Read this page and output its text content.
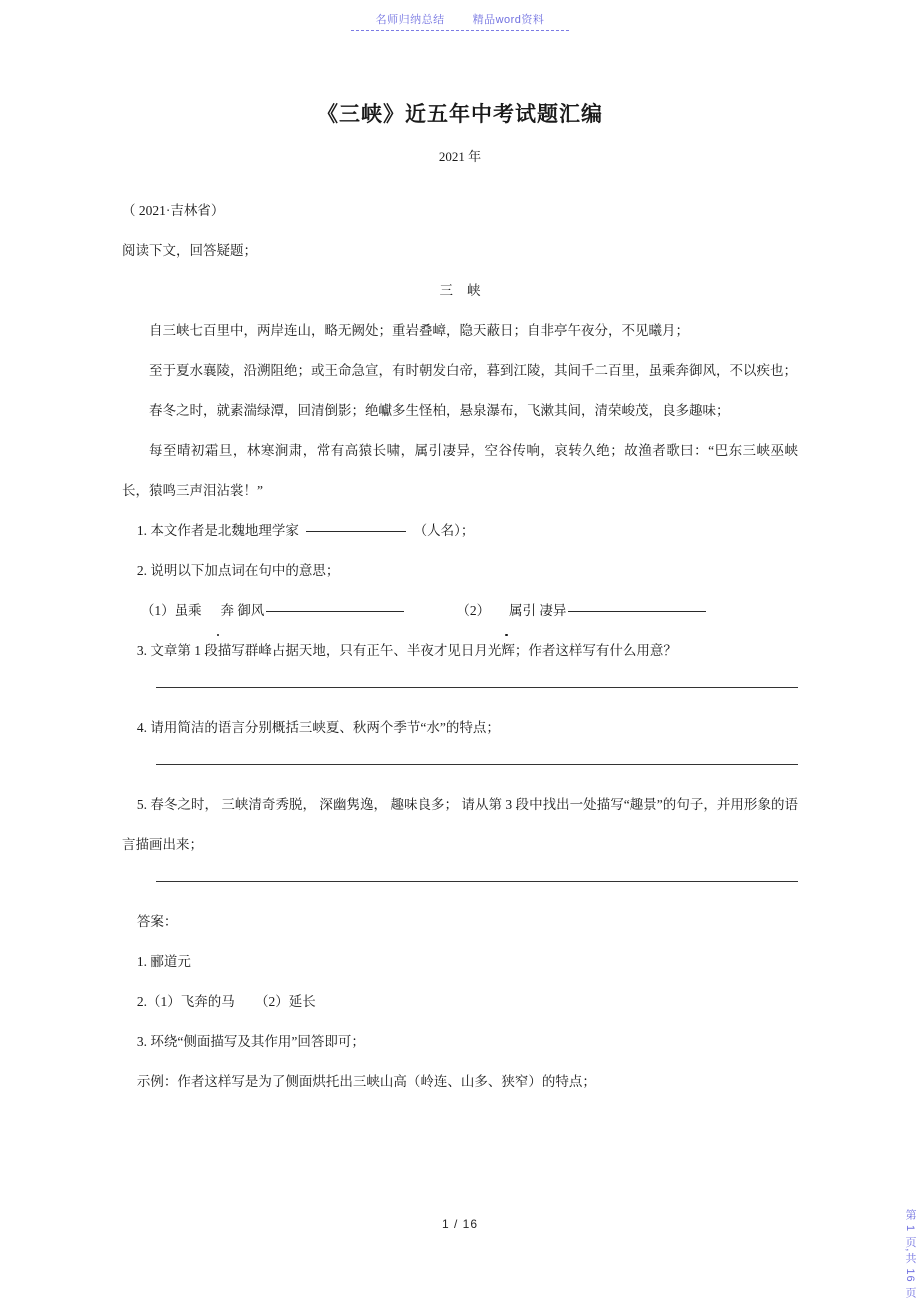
名师归纳总结	精品word资料
《三峡》近五年中考试题汇编
2021 年

（ 2021·吉林省）

阅读下文，回答疑题；

三 峡

自三峡七百里中，两岸连山，略无阙处；重岩叠嶂，隐天蔽日；自非亭午夜分，不见曦月；

至于夏水襄陵，沿溯阻绝；或王命急宣，有时朝发白帝，暮到江陵，其间千二百里，虽乘奔御风，不以疾也；

春冬之时，就素湍绿潭，回清倒影；绝巘多生怪柏，悬泉瀑布，飞漱其间，清荣峻茂，良多趣味；

每至晴初霜旦，林寒涧肃，常有高猿长啸，属引凄异，空谷传响，哀转久绝；故渔者歌曰：“巴东三峡巫峡长，猿鸣三声泪沾裳！”

1. 本文作者是北魏地理学家	（人名）；

2. 说明以下加点词在句中的意思；

（1）虽乘 奔 御风	（2） 属引 凄异

3. 文章第 1 段描写群峰占据天地，只有正午、半夜才见日月光辉；作者这样写有什么用意？

4. 请用简洁的语言分别概括三峡夏、秋两个季节“水”的特点；

5. 春冬之时， 三峡清奇秀脱， 深幽隽逸， 趣味良多； 请从第 3 段中找出一处描写“趣景”的句子，并用形象的语言描画出来；

答案：

1. 郦道元

2.（1）飞奔的马　　（2）延长

3. 环绕“侧面描写及其作用”回答即可；

示例：作者这样写是为了侧面烘托出三峡山高（岭连、山多、狭窄）的特点；

1 / 16	第 1 页,共 16 页
